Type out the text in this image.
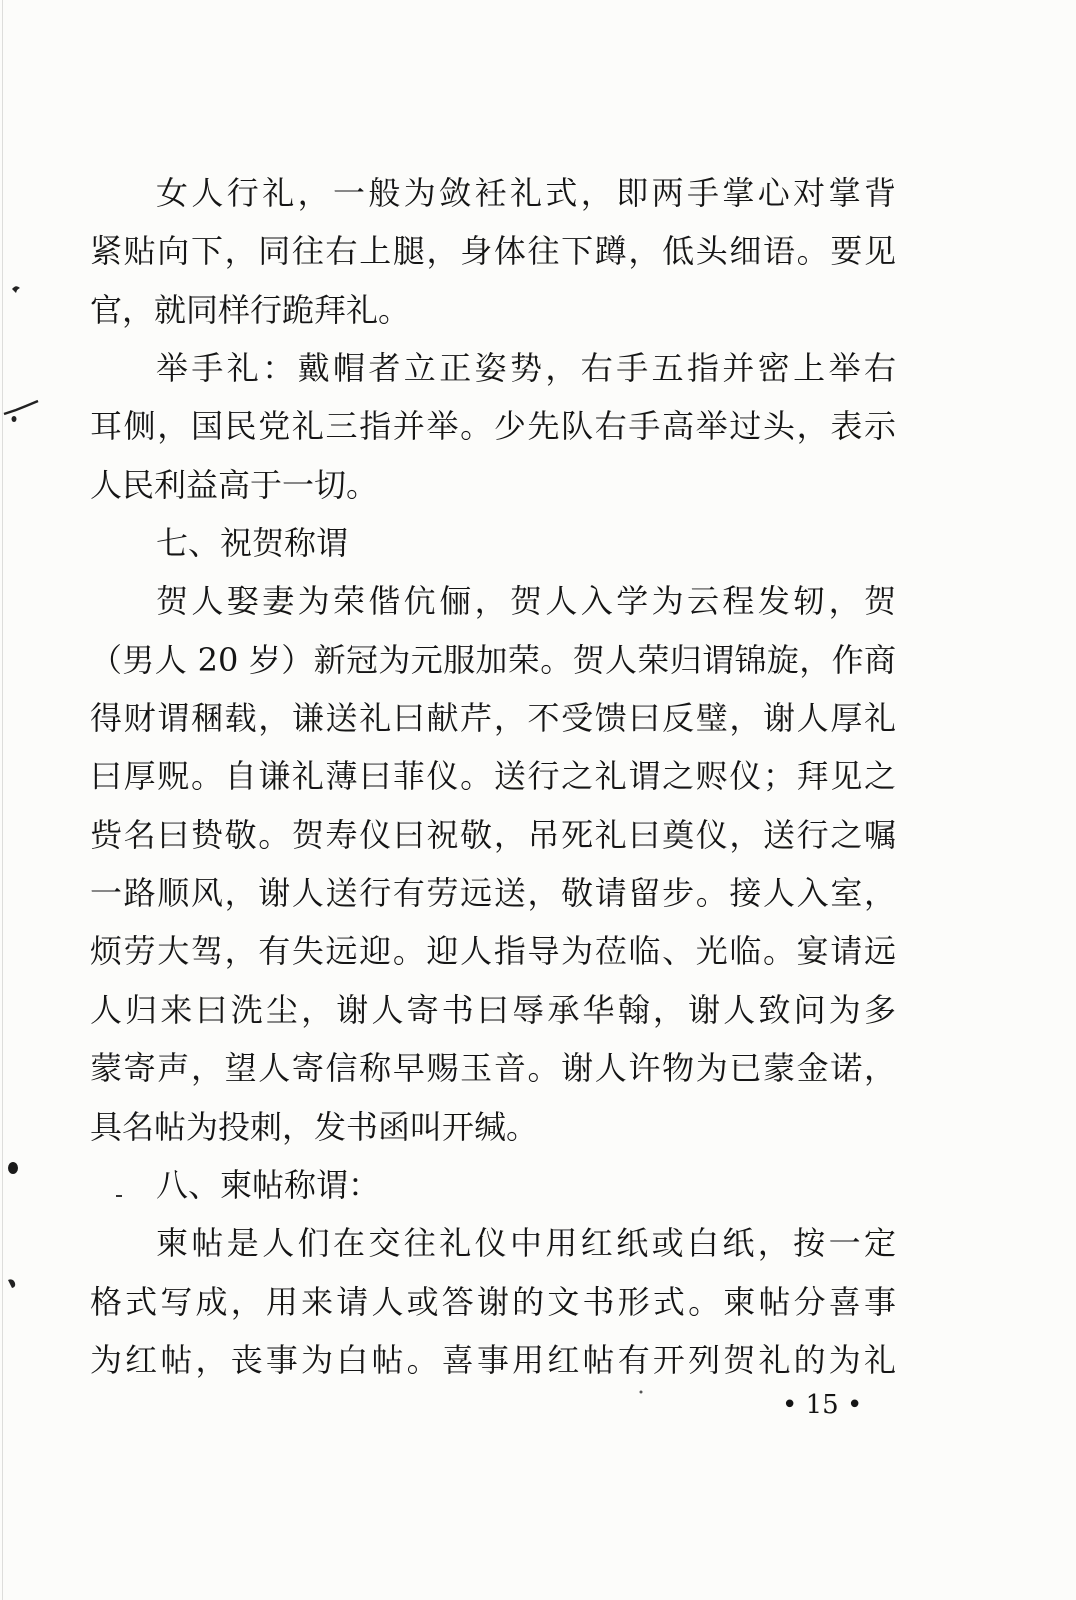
女人行礼，一般为敛衽礼式，即两手掌心对掌背
紧贴向下，同往右上腿，身体往下蹲，低头细语。要见
官，就同样行跪拜礼。
举手礼：戴帽者立正姿势，右手五指并密上举右
耳侧，国民党礼三指并举。少先队右手高举过头，表示
人民利益高于一切。
七、祝贺称谓
贺人娶妻为荣偕伉俪，贺人入学为云程发轫，贺
（男人 20 岁）新冠为元服加荣。贺人荣归谓锦旋，作商
得财谓稛载，谦送礼曰献芹，不受馈曰反璧，谢人厚礼
曰厚贶。自谦礼薄曰菲仪。送行之礼谓之赆仪；拜见之
赀名曰贽敬。贺寿仪曰祝敬，吊死礼曰奠仪，送行之嘱
一路顺风，谢人送行有劳远送，敬请留步。接人入室，
烦劳大驾，有失远迎。迎人指导为莅临、光临。宴请远
人归来曰洗尘，谢人寄书曰辱承华翰，谢人致问为多
蒙寄声，望人寄信称早赐玉音。谢人许物为已蒙金诺，
具名帖为投刺，发书函叫开缄。
八、柬帖称谓：
柬帖是人们在交往礼仪中用红纸或白纸，按一定
格式写成，用来请人或答谢的文书形式。柬帖分喜事
为红帖，丧事为白帖。喜事用红帖有开列贺礼的为礼
• 15 •
